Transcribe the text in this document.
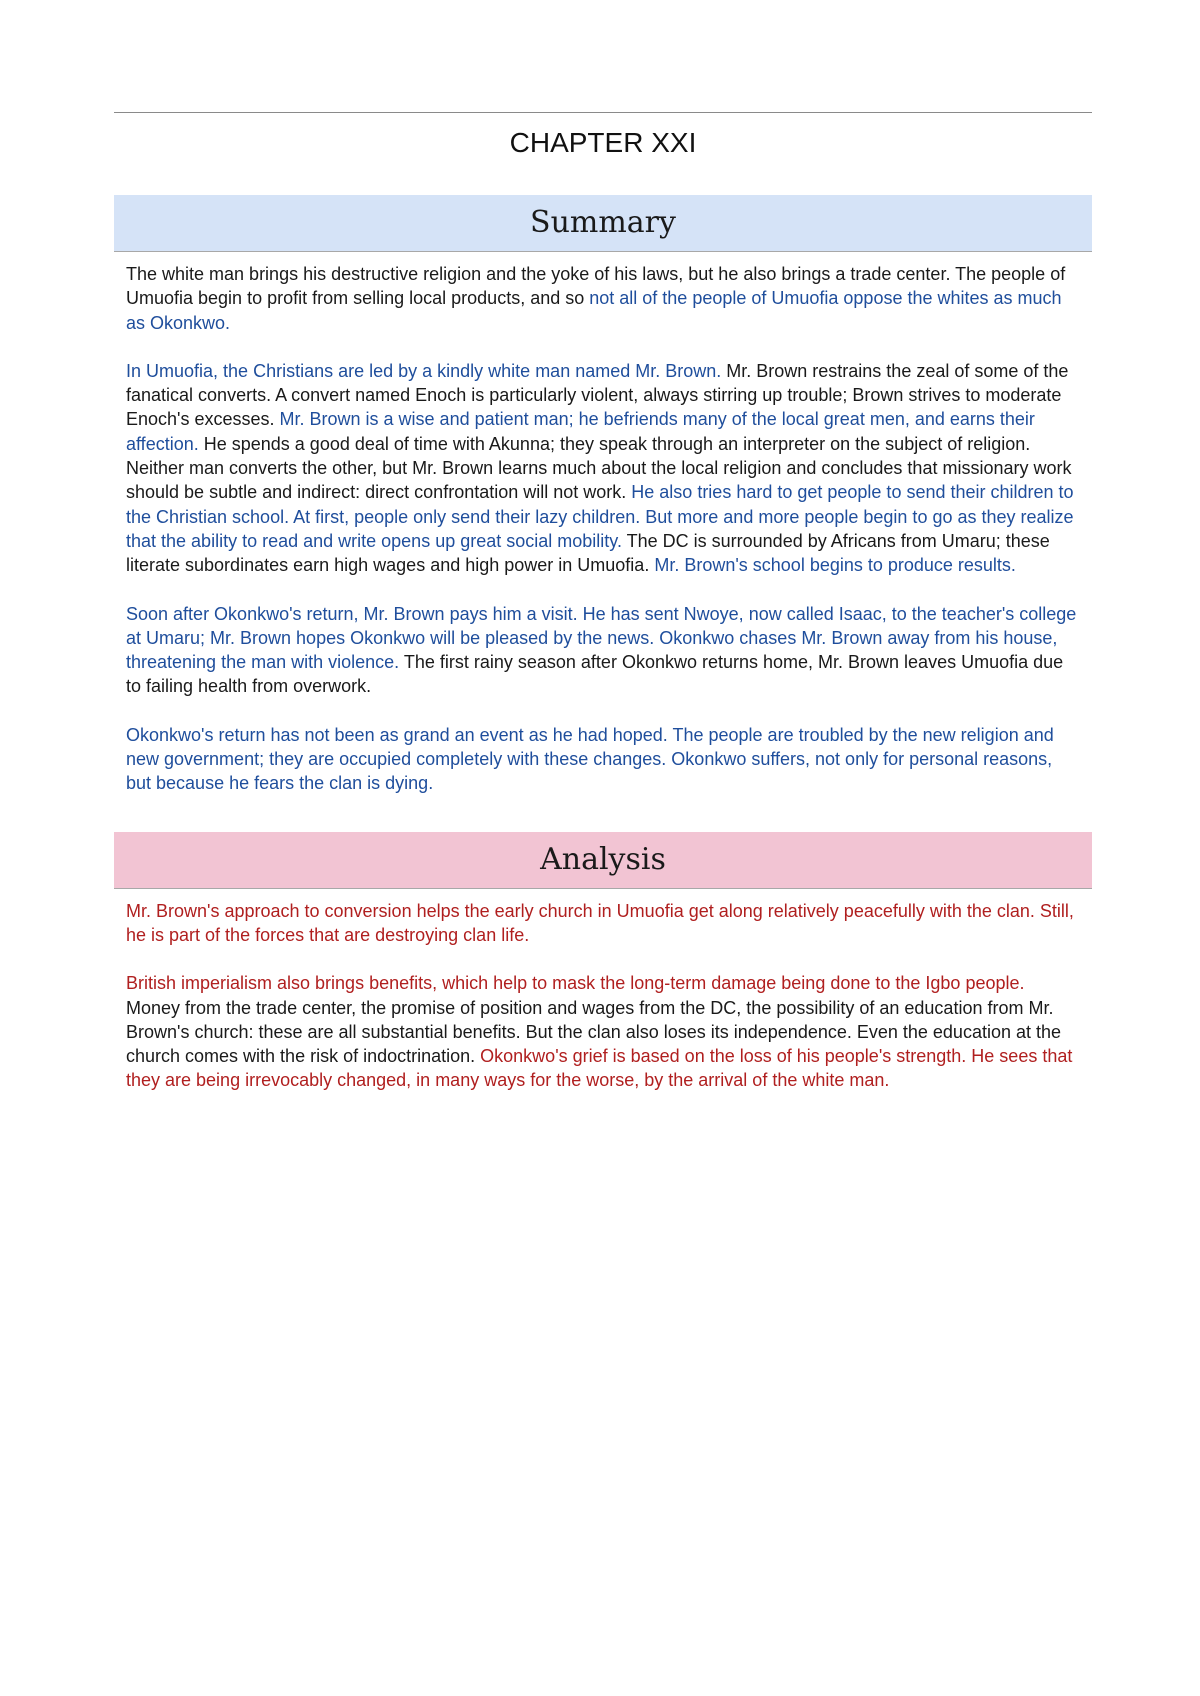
CHAPTER XXI
Summary

The white man brings his destructive religion and the yoke of his laws, but he also brings a trade center. The people of Umuofia begin to profit from selling local products, and so not all of the people of Umuofia oppose the whites as much as Okonkwo.

In Umuofia, the Christians are led by a kindly white man named Mr. Brown. Mr. Brown restrains the zeal of some of the fanatical converts. A convert named Enoch is particularly violent, always stirring up trouble; Brown strives to moderate Enoch's excesses. Mr. Brown is a wise and patient man; he befriends many of the local great men, and earns their affection. He spends a good deal of time with Akunna; they speak through an interpreter on the subject of religion. Neither man converts the other, but Mr. Brown learns much about the local religion and concludes that missionary work should be subtle and indirect: direct confrontation will not work. He also tries hard to get people to send their children to the Christian school. At first, people only send their lazy children. But more and more people begin to go as they realize that the ability to read and write opens up great social mobility. The DC is surrounded by Africans from Umaru; these literate subordinates earn high wages and high power in Umuofia. Mr. Brown's school begins to produce results.

Soon after Okonkwo's return, Mr. Brown pays him a visit. He has sent Nwoye, now called Isaac, to the teacher's college at Umaru; Mr. Brown hopes Okonkwo will be pleased by the news. Okonkwo chases Mr. Brown away from his house, threatening the man with violence. The first rainy season after Okonkwo returns home, Mr. Brown leaves Umuofia due to failing health from overwork.

Okonkwo's return has not been as grand an event as he had hoped. The people are troubled by the new religion and new government; they are occupied completely with these changes. Okonkwo suffers, not only for personal reasons, but because he fears the clan is dying.

Analysis

Mr. Brown's approach to conversion helps the early church in Umuofia get along relatively peacefully with the clan. Still, he is part of the forces that are destroying clan life.

British imperialism also brings benefits, which help to mask the long-term damage being done to the Igbo people. Money from the trade center, the promise of position and wages from the DC, the possibility of an education from Mr. Brown's church: these are all substantial benefits. But the clan also loses its independence. Even the education at the church comes with the risk of indoctrination. Okonkwo's grief is based on the loss of his people's strength. He sees that they are being irrevocably changed, in many ways for the worse, by the arrival of the white man.
